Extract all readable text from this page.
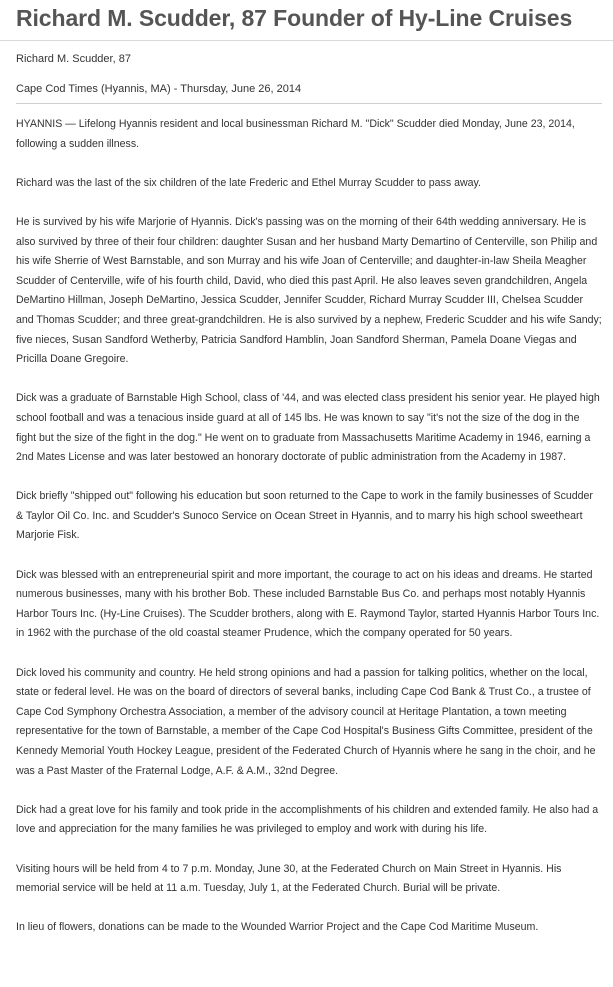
Richard M. Scudder, 87 Founder of Hy-Line Cruises
Richard M. Scudder, 87
Cape Cod Times (Hyannis, MA) - Thursday, June 26, 2014

HYANNIS — Lifelong Hyannis resident and local businessman Richard M. "Dick" Scudder died Monday, June 23, 2014, following a sudden illness.

Richard was the last of the six children of the late Frederic and Ethel Murray Scudder to pass away.

He is survived by his wife Marjorie of Hyannis. Dick's passing was on the morning of their 64th wedding anniversary. He is also survived by three of their four children: daughter Susan and her husband Marty Demartino of Centerville, son Philip and his wife Sherrie of West Barnstable, and son Murray and his wife Joan of Centerville; and daughter-in-law Sheila Meagher Scudder of Centerville, wife of his fourth child, David, who died this past April. He also leaves seven grandchildren, Angela DeMartino Hillman, Joseph DeMartino, Jessica Scudder, Jennifer Scudder, Richard Murray Scudder III, Chelsea Scudder and Thomas Scudder; and three great-grandchildren. He is also survived by a nephew, Frederic Scudder and his wife Sandy; five nieces, Susan Sandford Wetherby, Patricia Sandford Hamblin, Joan Sandford Sherman, Pamela Doane Viegas and Pricilla Doane Gregoire.

Dick was a graduate of Barnstable High School, class of '44, and was elected class president his senior year. He played high school football and was a tenacious inside guard at all of 145 lbs. He was known to say "it's not the size of the dog in the fight but the size of the fight in the dog." He went on to graduate from Massachusetts Maritime Academy in 1946, earning a 2nd Mates License and was later bestowed an honorary doctorate of public administration from the Academy in 1987.

Dick briefly "shipped out" following his education but soon returned to the Cape to work in the family businesses of Scudder & Taylor Oil Co. Inc. and Scudder's Sunoco Service on Ocean Street in Hyannis, and to marry his high school sweetheart Marjorie Fisk.

Dick was blessed with an entrepreneurial spirit and more important, the courage to act on his ideas and dreams. He started numerous businesses, many with his brother Bob. These included Barnstable Bus Co. and perhaps most notably Hyannis Harbor Tours Inc. (Hy-Line Cruises). The Scudder brothers, along with E. Raymond Taylor, started Hyannis Harbor Tours Inc. in 1962 with the purchase of the old coastal steamer Prudence, which the company operated for 50 years.

Dick loved his community and country. He held strong opinions and had a passion for talking politics, whether on the local, state or federal level. He was on the board of directors of several banks, including Cape Cod Bank & Trust Co., a trustee of Cape Cod Symphony Orchestra Association, a member of the advisory council at Heritage Plantation, a town meeting representative for the town of Barnstable, a member of the Cape Cod Hospital's Business Gifts Committee, president of the Kennedy Memorial Youth Hockey League, president of the Federated Church of Hyannis where he sang in the choir, and he was a Past Master of the Fraternal Lodge, A.F. & A.M., 32nd Degree.

Dick had a great love for his family and took pride in the accomplishments of his children and extended family. He also had a love and appreciation for the many families he was privileged to employ and work with during his life.

Visiting hours will be held from 4 to 7 p.m. Monday, June 30, at the Federated Church on Main Street in Hyannis. His memorial service will be held at 11 a.m. Tuesday, July 1, at the Federated Church. Burial will be private.

In lieu of flowers, donations can be made to the Wounded Warrior Project and the Cape Cod Maritime Museum.
